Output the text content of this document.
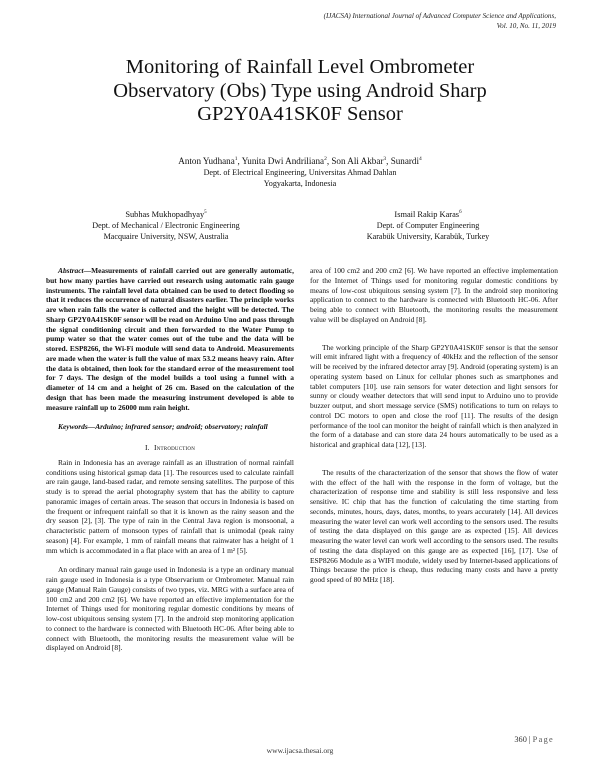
(IJACSA) International Journal of Advanced Computer Science and Applications,
Vol. 10, No. 11, 2019
Monitoring of Rainfall Level Ombrometer
Observatory (Obs) Type using Android Sharp
GP2Y0A41SK0F Sensor
Anton Yudhana$^1$, Yunita Dwi Andriliana$^2$, Son Ali Akbar$^3$, Sunardi$^4$
Dept. of Electrical Engineering, Universitas Ahmad Dahlan
Yogyakarta, Indonesia
Subhas Mukhopadhyay$^5$
Dept. of Mechanical / Electronic Engineering
Macquaire University, NSW, Australia
Ismail Rakip Karas$^6$
Dept. of Computer Engineering
Karabük University, Karabük, Turkey

Abstract—Measurements of rainfall carried out are generally automatic, but how many parties have carried out research using automatic rain gauge instruments. The rainfall level data obtained can be used to detect flooding so that it reduces the occurrence of natural disasters earlier. The principle works are when rain falls the water is collected and the height will be detected. The Sharp GP2Y0A41SK0F sensor will be read on Arduino Uno and pass through the signal conditioning circuit and then forwarded to the Water Pump to pump water so that the water comes out of the tube and the data will be stored. ESP8266, the Wi-Fi module will send data to Android. Measurements are made when the water is full the value of max 53.2 means heavy rain. After the data is obtained, then look for the standard error of the measurement tool for 7 days. The design of the model builds a tool using a funnel with a diameter of 14 cm and a height of 26 cm. Based on the calculation of the design that has been made the measuring instrument developed is able to measure rainfall up to 26000 mm rain height.

Keywords—Arduino; infrared sensor; android; observatory; rainfall

I. Introduction

Rain in Indonesia has an average rainfall as an illustration of normal rainfall conditions using historical gsmap data [1]. The resources used to calculate rainfall are rain gauge, land-based radar, and remote sensing satellites. The purpose of this study is to spread the aerial photography system that has the ability to capture panoramic images of certain areas. The season that occurs in Indonesia is based on the frequent or infrequent rainfall so that it is known as the rainy season and the dry season [2], [3]. The type of rain in the Central Java region is monsoonal, a characteristic pattern of monsoon types of rainfall that is unimodal (peak rainy season) [4]. For example, 1 mm of rainfall means that rainwater has a height of 1 mm which is accommodated in a flat place with an area of 1 m² [5].

An ordinary manual rain gauge used in Indonesia is a type an ordinary manual rain gauge used in Indonesia is a type Observarium or Ombrometer. Manual rain gauge (Manual Rain Gauge) consists of two types, viz. MRG with a surface area of 100 cm2 and 200 cm2 [6]. We have reported an effective implementation for the Internet of Things used for monitoring regular domestic conditions by means of low-cost ubiquitous sensing system [7]. In the android step monitoring application to connect to the hardware is connected with Bluetooth HC-06. After being able to connect with Bluetooth, the monitoring results the measurement value will be displayed on Android [8].

area of 100 cm2 and 200 cm2 [6]. We have reported an effective implementation for the Internet of Things used for monitoring regular domestic conditions by means of low-cost ubiquitous sensing system [7]. In the android step monitoring application to connect to the hardware is connected with Bluetooth HC-06. After being able to connect with Bluetooth, the monitoring results the measurement value will be displayed on Android [8].

The working principle of the Sharp GP2Y0A41SK0F sensor is that the sensor will emit infrared light with a frequency of 40kHz and the reflection of the sensor will be received by the infrared detector array [9]. Android (operating system) is an operating system based on Linux for cellular phones such as smartphones and tablet computers [10]. use rain sensors for water detection and light sensors for sunny or cloudy weather detectors that will send input to Arduino uno to provide buzzer output, and short message service (SMS) notifications to turn on relays to control DC motors to open and close the roof [11]. The results of the design performance of the tool can monitor the height of rainfall which is then analyzed in the form of a database and can store data 24 hours automatically to be used as a historical and graphical data [12], [13].

The results of the characterization of the sensor that shows the flow of water with the effect of the hall with the response in the form of voltage, but the characterization of response time and stability is still less responsive and less sensitive. IC chip that has the function of calculating the time starting from seconds, minutes, hours, days, dates, months, to years accurately [14]. All devices measuring the water level can work well according to the sensors used. The results of testing the data displayed on this gauge are as expected [15]. All devices measuring the water level can work well according to the sensors used. The results of testing the data displayed on this gauge are as expected [16], [17]. Use of ESP8266 Module as a WIFI module, widely used by Internet-based applications of Things because the price is cheap, thus reducing many costs and have a pretty good speed of 80 MHz [18].

360 | Page
www.ijacsa.thesai.org
